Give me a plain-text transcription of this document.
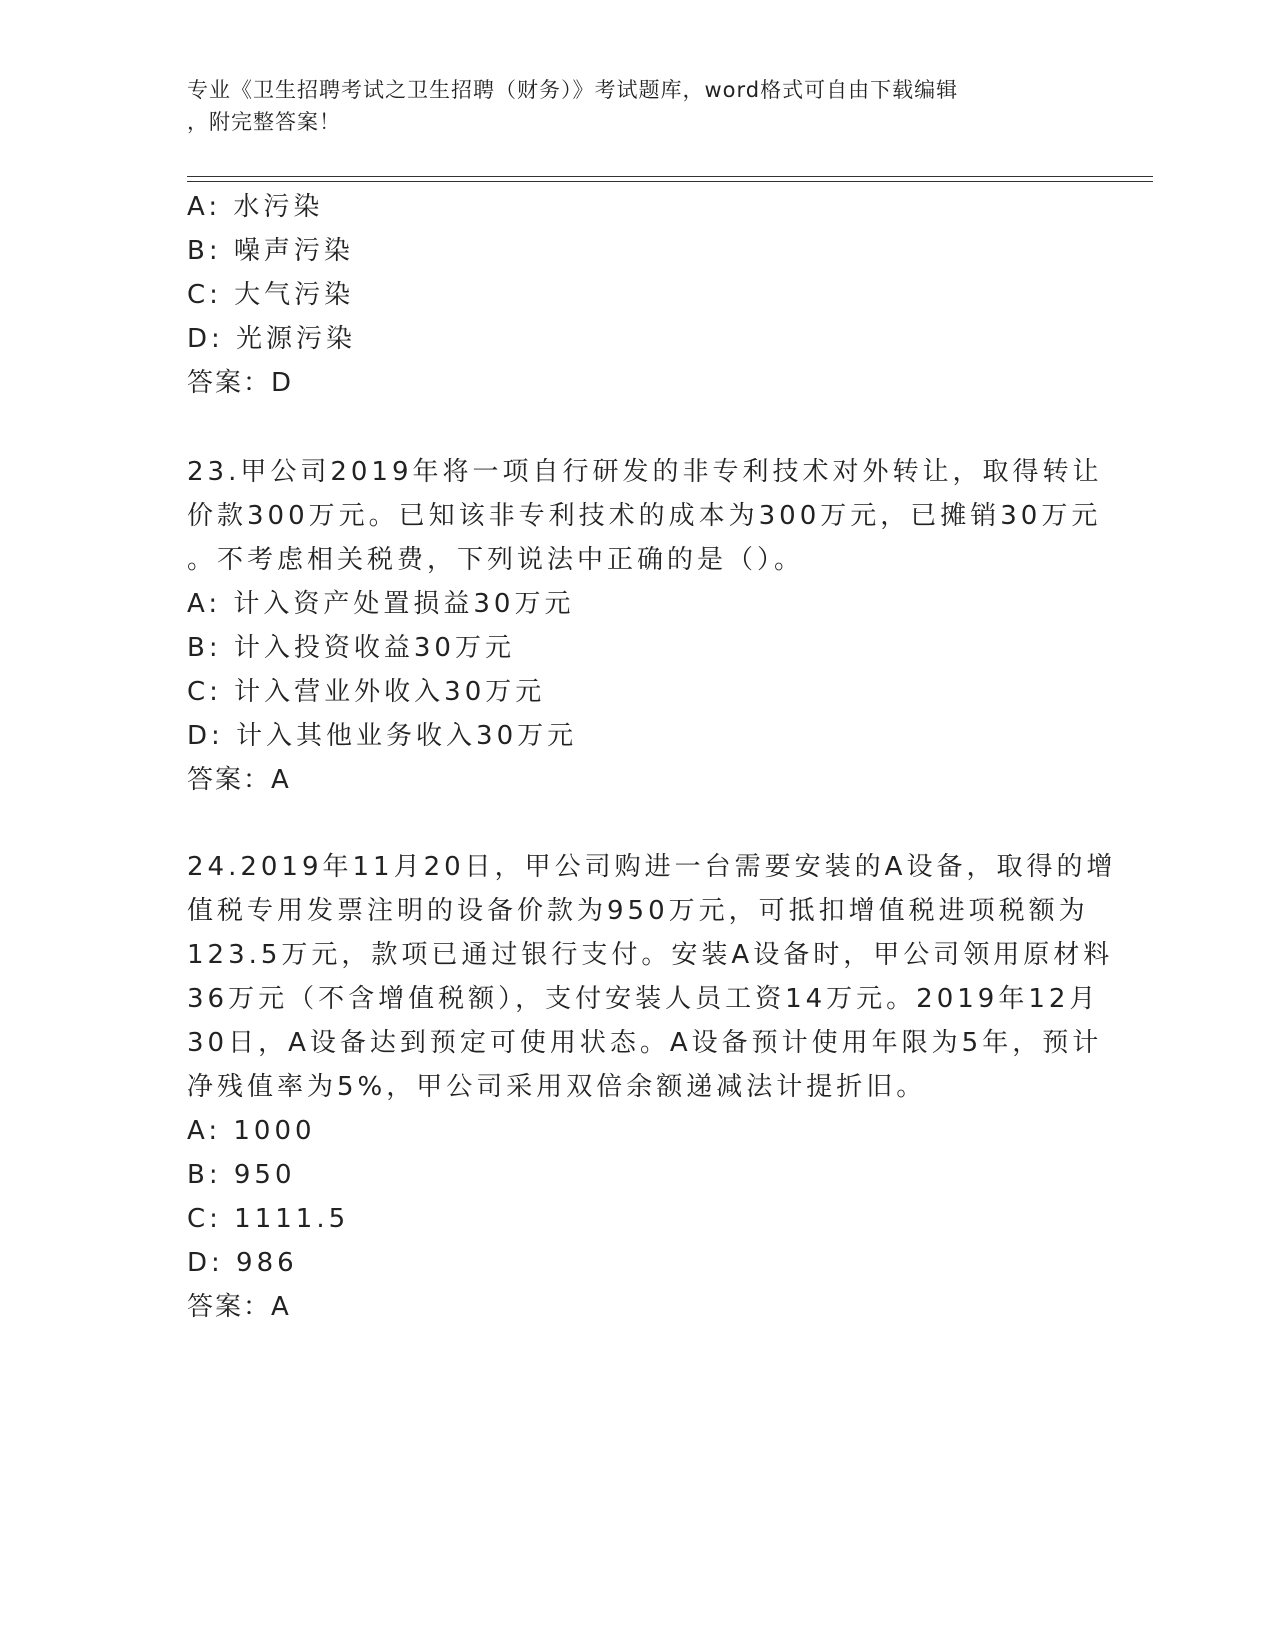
专业《卫生招聘考试之卫生招聘（财务）》考试题库，word格式可自由下载编辑
，附完整答案！
A: 水污染
B: 噪声污染
C: 大气污染
D: 光源污染
答案：D
23.甲公司2019年将一项自行研发的非专利技术对外转让，取得转让
价款300万元。已知该非专利技术的成本为300万元，已摊销30万元
。不考虑相关税费，下列说法中正确的是（）。
A: 计入资产处置损益30万元
B: 计入投资收益30万元
C: 计入营业外收入30万元
D: 计入其他业务收入30万元
答案：A
24.2019年11月20日，甲公司购进一台需要安装的A设备，取得的增
值税专用发票注明的设备价款为950万元，可抵扣增值税进项税额为
123.5万元，款项已通过银行支付。安装A设备时，甲公司领用原材料
36万元（不含增值税额），支付安装人员工资14万元。2019年12月
30日，A设备达到预定可使用状态。A设备预计使用年限为5年，预计
净残值率为5%，甲公司采用双倍余额递减法计提折旧。
A: 1000
B: 950
C: 1111.5
D: 986
答案：A
